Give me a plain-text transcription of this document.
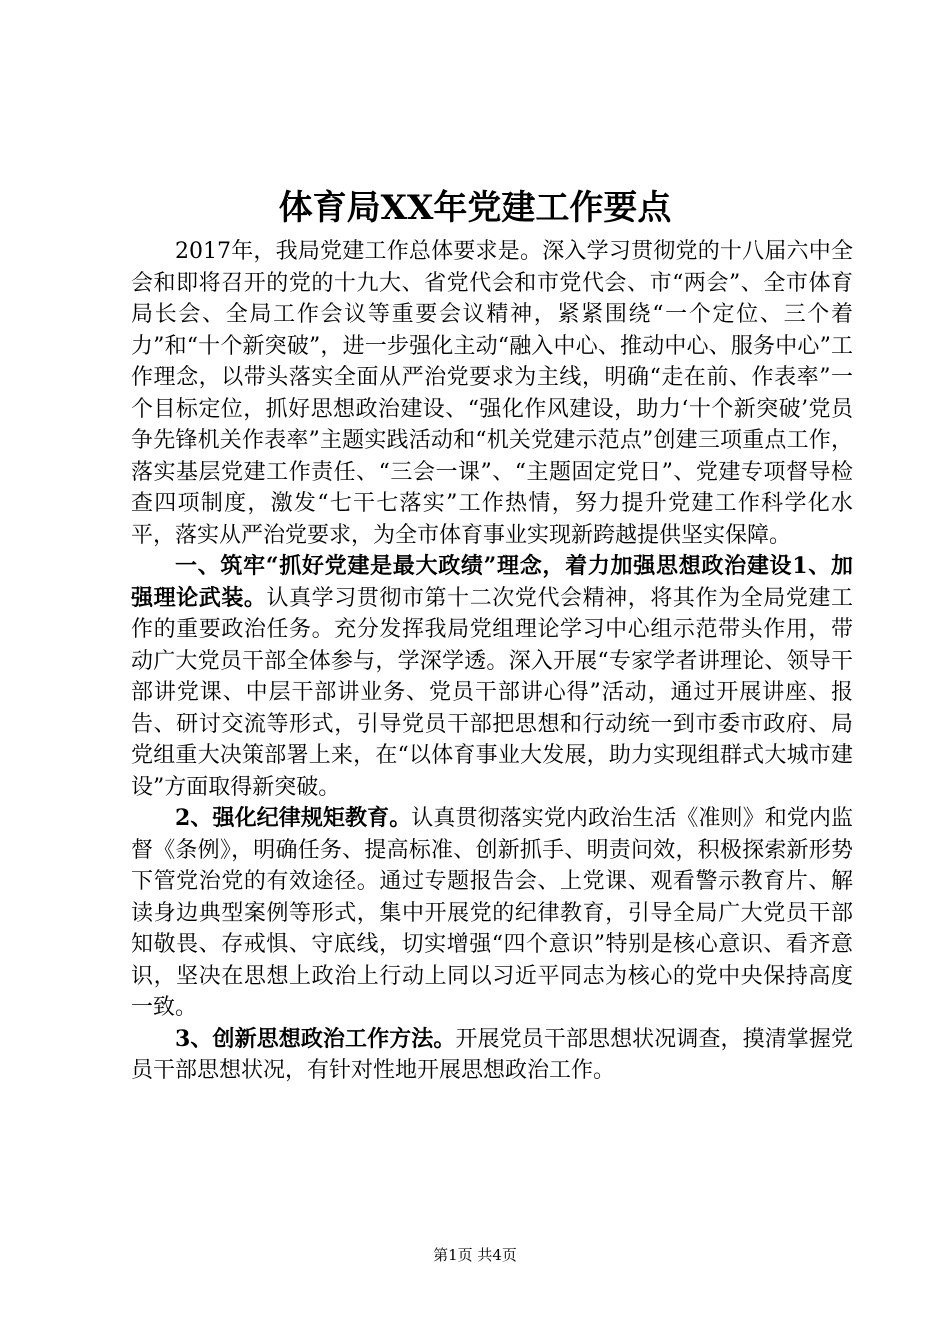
体育局XX年党建工作要点

2017年，我局党建工作总体要求是。深入学习贯彻党的十八届六中全会和即将召开的党的十九大、省党代会和市党代会、市“两会”、全市体育局长会、全局工作会议等重要会议精神，紧紧围绕“一个定位、三个着力”和“十个新突破”，进一步强化主动“融入中心、推动中心、服务中心”工作理念，以带头落实全面从严治党要求为主线，明确“走在前、作表率”一个目标定位，抓好思想政治建设、“强化作风建设，助力‘十个新突破’党员争先锋机关作表率”主题实践活动和“机关党建示范点”创建三项重点工作，落实基层党建工作责任、“三会一课”、“主题固定党日”、党建专项督导检查四项制度，激发“七干七落实”工作热情，努力提升党建工作科学化水平，落实从严治党要求，为全市体育事业实现新跨越提供坚实保障。

一、筑牢“抓好党建是最大政绩”理念，着力加强思想政治建设1、加强理论武装。认真学习贯彻市第十二次党代会精神，将其作为全局党建工作的重要政治任务。充分发挥我局党组理论学习中心组示范带头作用，带动广大党员干部全体参与，学深学透。深入开展“专家学者讲理论、领导干部讲党课、中层干部讲业务、党员干部讲心得”活动，通过开展讲座、报告、研讨交流等形式，引导党员干部把思想和行动统一到市委市政府、局党组重大决策部署上来，在“以体育事业大发展，助力实现组群式大城市建设”方面取得新突破。

2、强化纪律规矩教育。认真贯彻落实党内政治生活《准则》和党内监督《条例》，明确任务、提高标准、创新抓手、明责问效，积极探索新形势下管党治党的有效途径。通过专题报告会、上党课、观看警示教育片、解读身边典型案例等形式，集中开展党的纪律教育，引导全局广大党员干部知敬畏、存戒惧、守底线，切实增强“四个意识”特别是核心意识、看齐意识，坚决在思想上政治上行动上同以习近平同志为核心的党中央保持高度一致。

3、创新思想政治工作方法。开展党员干部思想状况调查，摸清掌握党员干部思想状况，有针对性地开展思想政治工作。

第1页 共4页
